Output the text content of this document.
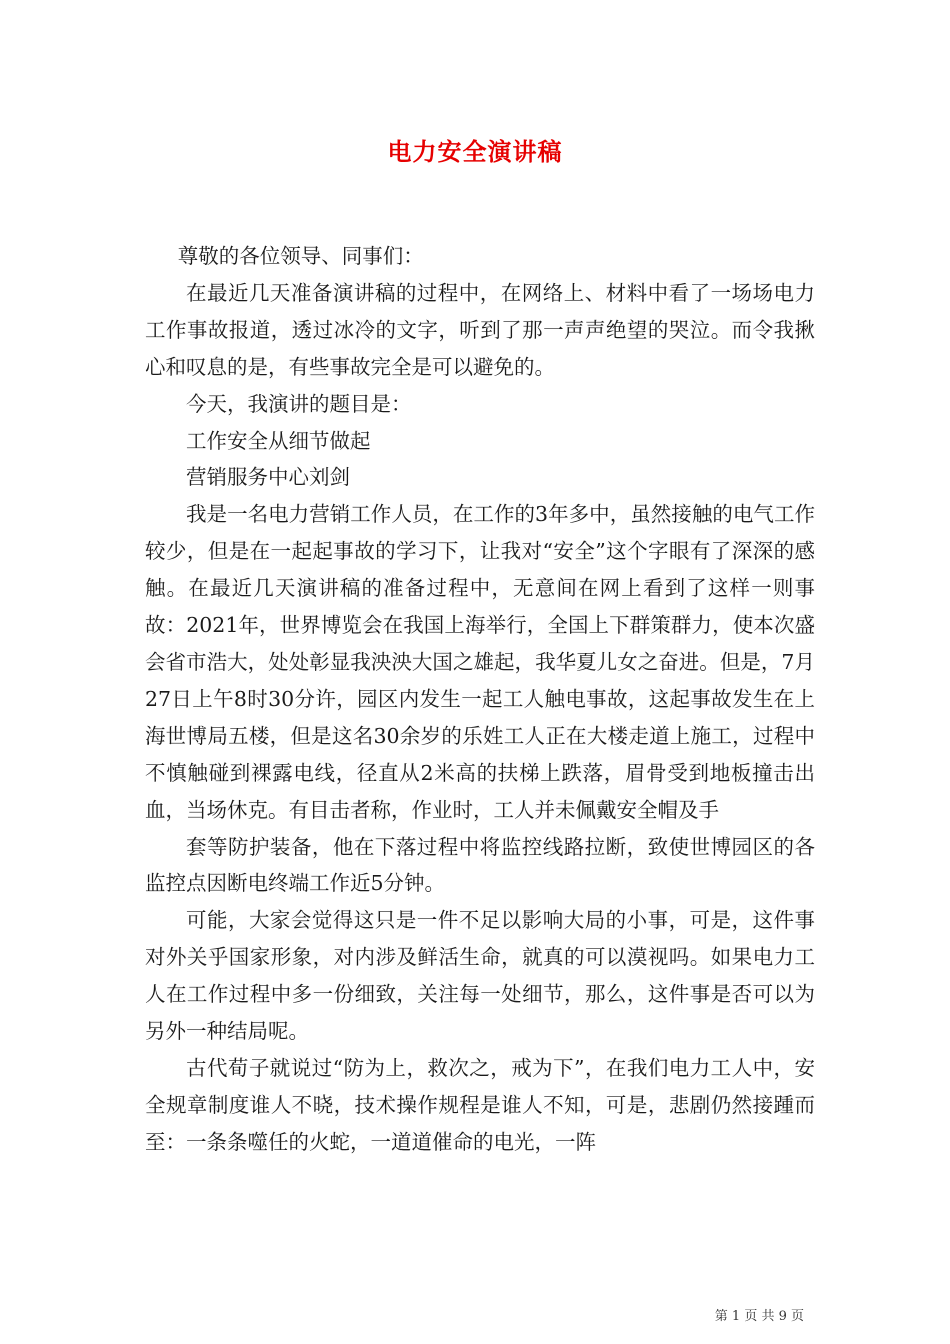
电力安全演讲稿

尊敬的各位领导、同事们：

在最近几天准备演讲稿的过程中，在网络上、材料中看了一场场电力工作事故报道，透过冰冷的文字，听到了那一声声绝望的哭泣。而令我揪心和叹息的是，有些事故完全是可以避免的。

今天，我演讲的题目是：

工作安全从细节做起

营销服务中心刘剑

我是一名电力营销工作人员，在工作的3年多中，虽然接触的电气工作较少，但是在一起起事故的学习下，让我对“安全”这个字眼有了深深的感触。在最近几天演讲稿的准备过程中，无意间在网上看到了这样一则事故：2021年，世界博览会在我国上海举行，全国上下群策群力，使本次盛会省市浩大，处处彰显我泱泱大国之雄起，我华夏儿女之奋进。但是，7月27日上午8时30分许，园区内发生一起工人触电事故，这起事故发生在上海世博局五楼，但是这名30余岁的乐姓工人正在大楼走道上施工，过程中不慎触碰到裸露电线，径直从2米高的扶梯上跌落，眉骨受到地板撞击出血，当场休克。有目击者称，作业时，工人并未佩戴安全帽及手

套等防护装备，他在下落过程中将监控线路拉断，致使世博园区的各监控点因断电终端工作近5分钟。

可能，大家会觉得这只是一件不足以影响大局的小事，可是，这件事对外关乎国家形象，对内涉及鲜活生命，就真的可以漠视吗。如果电力工人在工作过程中多一份细致，关注每一处细节，那么，这件事是否可以为另外一种结局呢。

古代荀子就说过“防为上，救次之，戒为下”，在我们电力工人中，安全规章制度谁人不晓，技术操作规程是谁人不知，可是，悲剧仍然接踵而至：一条条噬任的火蛇，一道道催命的电光，一阵

第 1 页 共 9 页
